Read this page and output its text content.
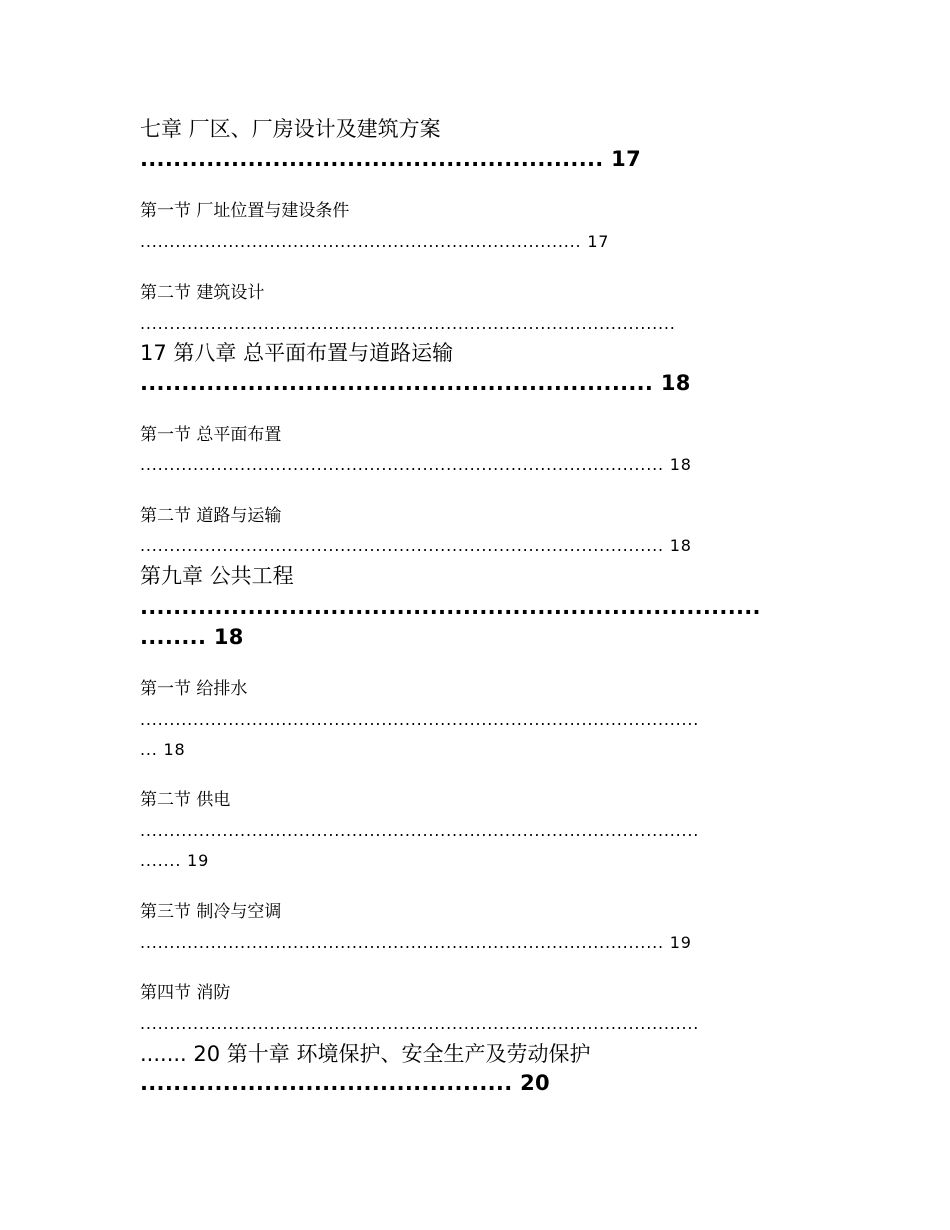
七章 厂区、厂房设计及建筑方案

........................................................ 17

第一节 厂址位置与建设条件

........................................................................... 17

第二节 建筑设计

...........................................................................................

17 第八章 总平面布置与道路运输

.............................................................. 18

第一节 总平面布置

......................................................................................... 18

第二节 道路与运输

......................................................................................... 18

第九章 公共工程

...........................................................................

........ 18

第一节 给排水

...............................................................................................

... 18

第二节 供电

...............................................................................................

....... 19

第三节 制冷与空调

......................................................................................... 19

第四节 消防

...............................................................................................

....... 20 第十章 环境保护、安全生产及劳动保护

............................................. 20
